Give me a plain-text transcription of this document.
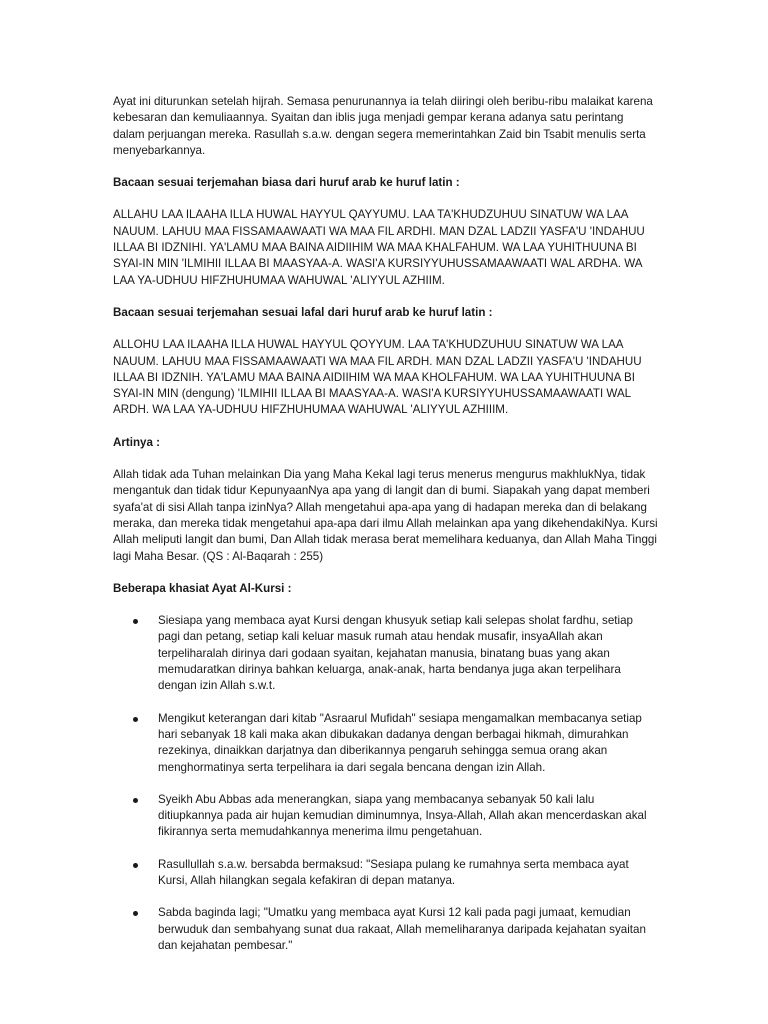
Ayat ini diturunkan setelah hijrah. Semasa penurunannya ia telah diiringi oleh beribu-ribu malaikat karena kebesaran dan kemuliaannya. Syaitan dan iblis juga menjadi gempar kerana adanya satu perintang dalam perjuangan mereka. Rasullah s.a.w. dengan segera memerintahkan Zaid bin Tsabit menulis serta menyebarkannya.

Bacaan sesuai terjemahan biasa dari huruf arab ke huruf latin :

ALLAHU LAA ILAAHA ILLA HUWAL HAYYUL QAYYUMU. LAA TA'KHUDZUHUU SINATUW WA LAA NAUUM. LAHUU MAA FISSAMAAWAATI WA MAA FIL ARDHI. MAN DZAL LADZII YASFA'U 'INDAHUU ILLAA BI IDZNIHI. YA'LAMU MAA BAINA AIDIIHIM WA MAA KHALFAHUM. WA LAA YUHITHUUNA BI SYAI-IN MIN 'ILMIHII ILLAA BI MAASYAA-A. WASI'A KURSIYYUHUSSAMAAWAATI WAL ARDHA. WA LAA YA-UDHUU HIFZHUHUMAA WAHUWAL 'ALIYYUL AZHIIM.

Bacaan sesuai terjemahan sesuai lafal dari huruf arab ke huruf latin :

ALLOHU LAA ILAAHA ILLA HUWAL HAYYUL QOYYUM. LAA TA'KHUDZUHUU SINATUW WA LAA NAUUM. LAHUU MAA FISSAMAAWAATI WA MAA FIL ARDH. MAN DZAL LADZII YASFA'U 'INDAHUU ILLAA BI IDZNIH. YA'LAMU MAA BAINA AIDIIHIM WA MAA KHOLFAHUM. WA LAA YUHITHUUNA BI SYAI-IN MIN (dengung) 'ILMIHII ILLAA BI MAASYAA-A. WASI'A KURSIYYUHUSSAMAAWAATI WAL ARDH. WA LAA YA-UDHUU HIFZHUHUMAA WAHUWAL 'ALIYYUL AZHIIIM.

Artinya :

Allah tidak ada Tuhan melainkan Dia yang Maha Kekal lagi terus menerus mengurus makhlukNya, tidak mengantuk dan tidak tidur KepunyaanNya apa yang di langit dan di bumi. Siapakah yang dapat memberi syafa'at di sisi Allah tanpa izinNya? Allah mengetahui apa-apa yang di hadapan mereka dan di belakang meraka, dan mereka tidak mengetahui apa-apa dari ilmu Allah melainkan apa yang dikehendakiNya. Kursi Allah meliputi langit dan bumi, Dan Allah tidak merasa berat memelihara keduanya, dan Allah Maha Tinggi lagi Maha Besar. (QS : Al-Baqarah : 255)

Beberapa khasiat Ayat Al-Kursi :

Siesiapa yang membaca ayat Kursi dengan khusyuk setiap kali selepas sholat fardhu, setiap pagi dan petang, setiap kali keluar masuk rumah atau hendak musafir, insyaAllah akan terpeliharalah dirinya dari godaan syaitan, kejahatan manusia, binatang buas yang akan memudaratkan dirinya bahkan keluarga, anak-anak, harta bendanya juga akan terpelihara dengan izin Allah s.w.t.
Mengikut keterangan dari kitab "Asraarul Mufidah" sesiapa mengamalkan membacanya setiap hari sebanyak 18 kali maka akan dibukakan dadanya dengan berbagai hikmah, dimurahkan rezekinya, dinaikkan darjatnya dan diberikannya pengaruh sehingga semua orang akan menghormatinya serta terpelihara ia dari segala bencana dengan izin Allah.
Syeikh Abu Abbas ada menerangkan, siapa yang membacanya sebanyak 50 kali lalu ditiupkannya pada air hujan kemudian diminumnya, Insya-Allah, Allah akan mencerdaskan akal fikirannya serta memudahkannya menerima ilmu pengetahuan.
Rasullullah s.a.w. bersabda bermaksud: "Sesiapa pulang ke rumahnya serta membaca ayat Kursi, Allah hilangkan segala kefakiran di depan matanya.
Sabda baginda lagi; "Umatku yang membaca ayat Kursi 12 kali pada pagi jumaat, kemudian berwuduk dan sembahyang sunat dua rakaat, Allah memeliharanya daripada kejahatan syaitan dan kejahatan pembesar."
